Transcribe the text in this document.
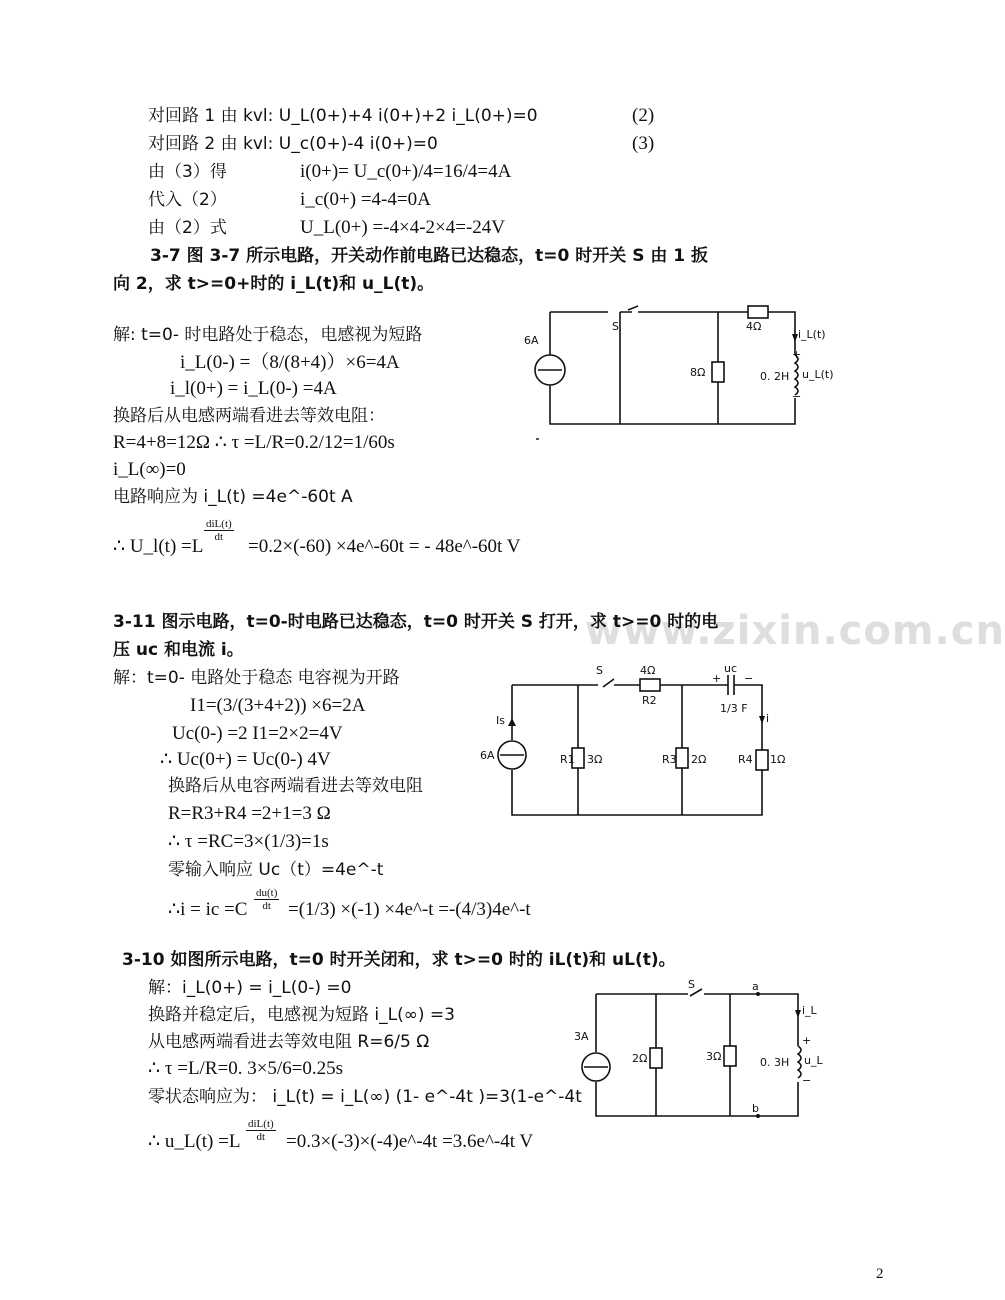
对回路 1 由 kvl: U_L(0+)+4 i(0+)+2 i_L(0+)=0	(2)
对回路 2 由 kvl: U_c(0+)-4 i(0+)=0	(3)
由（3）得	i(0+)= U_c(0+)/4=16/4=4A
代入（2）	i_c(0+) =4-4=0A
由（2）式	U_L(0+) =-4×4-2×4=-24V
3-7 图 3-7 所示电路，开关动作前电路已达稳态，t=0 时开关 S 由 1 扳
向 2，求 t>=0+时的 i_L(t)和 u_L(t)。
解: t=0- 时电路处于稳态，电感视为短路
i_L(0-) =（8/(8+4)）×6=4A
i_l(0+) = i_L(0-) =4A
换路后从电感两端看进去等效电阻：
R=4+8=12Ω ∴ τ =L/R=0.2/12=1/60s
i_L(∞)=0
电路响应为 i_L(t) =4e^-60t A
∴ U_l(t) =L
diL(t)
dt	=0.2×(-60) ×4e^-60t = - 48e^-60t V
6A
S	4Ω
8Ω	0. 2H
i_L(t)
u_L(t)
+
−
www.zixin.com.cn
3-11 图示电路，t=0-时电路已达稳态，t=0 时开关 S 打开，求 t>=0 时的电
压 uc 和电流 i。
解：t=0- 电路处于稳态 电容视为开路
I1=(3/(3+4+2)) ×6=2A
Uc(0-) =2 I1=2×2=4V
∴ Uc(0+) = Uc(0-) 4V
换路后从电容两端看进去等效电阻
R=R3+R4 =2+1=3 Ω
∴ τ =RC=3×(1/3)=1s
零输入响应 Uc（t）=4e^-t
∴i = ic $=C \frac{du(t)}{dt} =(1/3) \times(-1)$ ×4e^-t =-(4/3)4e^-t
S	4Ω
R2
uc
+ −
1/3 F
i
Is
6A	R1 3Ω	R3 2Ω	R4 1Ω
3-10 如图所示电路，t=0 时开关闭和，求 t>=0 时的 iL(t)和 uL(t)。
解：i_L(0+) = i_L(0-) =0
换路并稳定后，电感视为短路 i_L(∞) =3
从电感两端看进去等效电阻 R=6/5 Ω
∴ τ =L/R=0. 3×5/6=0.25s
零状态响应为： i_L(t) = i_L(∞) (1- e^-4t )=3(1-e^-4t
∴ u_L(t) =L
diL(t)
dt	=0.3×(-3)×(-4)e^-4t =3.6e^-4t V
S	a
b
3A
2Ω	3Ω	0. 3H
i_L
u_L
+
−
2
